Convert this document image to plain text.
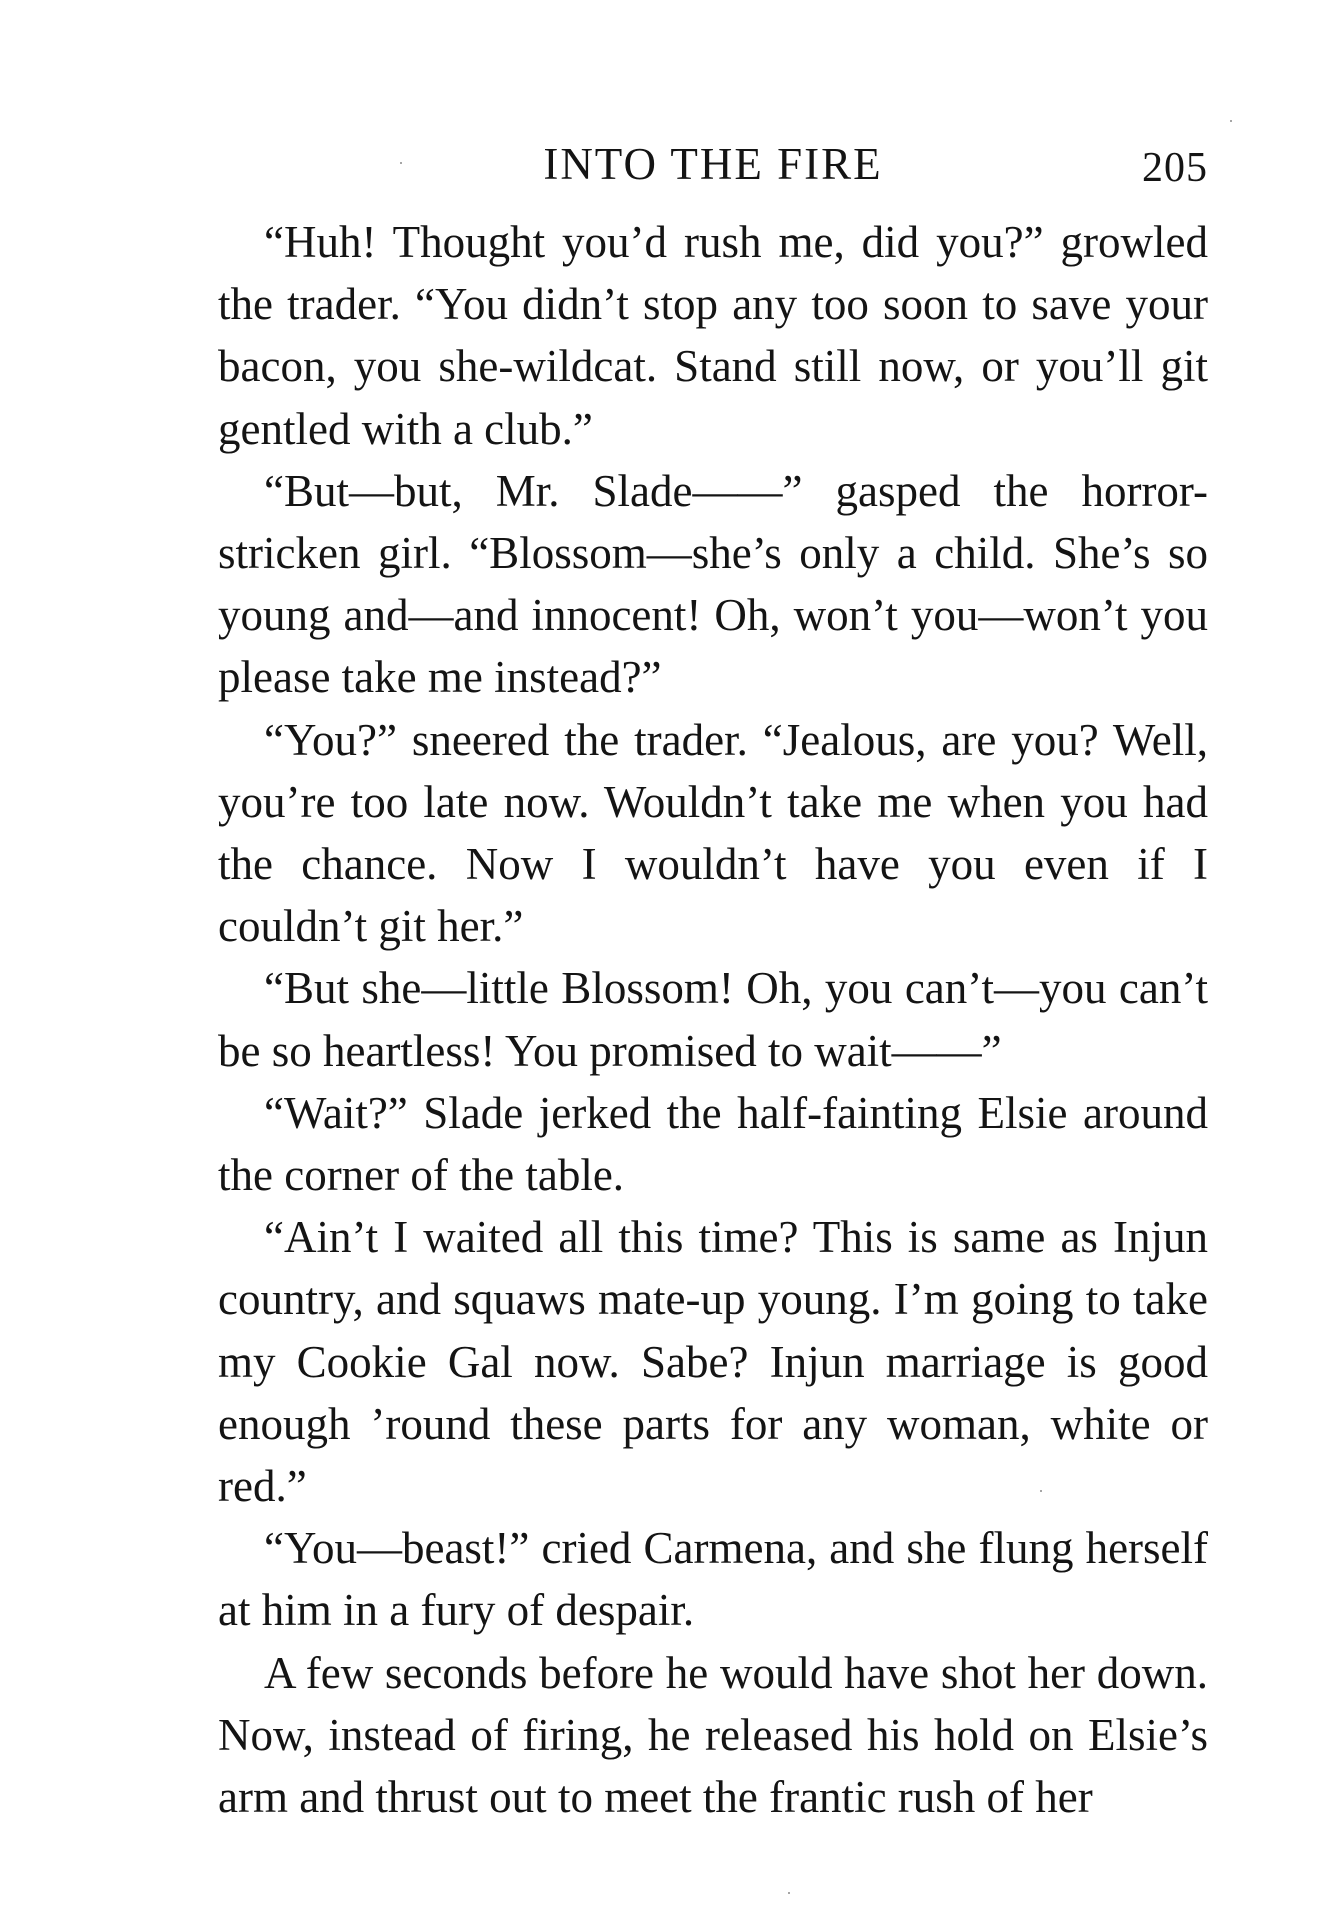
INTO THE FIRE	205

“Huh! Thought you’d rush me, did you?” growled the trader. “You didn’t stop any too soon to save your bacon, you she-wildcat. Stand still now, or you’ll git gentled with a club.”

“But—but, Mr. Slade——” gasped the horror-stricken girl. “Blossom—she’s only a child. She’s so young and—and innocent! Oh, won’t you—won’t you please take me instead?”

“You?” sneered the trader. “Jealous, are you? Well, you’re too late now. Wouldn’t take me when you had the chance. Now I wouldn’t have you even if I couldn’t git her.”

“But she—little Blossom! Oh, you can’t—you can’t be so heartless! You promised to wait——”

“Wait?” Slade jerked the half-fainting Elsie around the corner of the table.

“Ain’t I waited all this time? This is same as Injun country, and squaws mate-up young. I’m going to take my Cookie Gal now. Sabe? Injun marriage is good enough ’round these parts for any woman, white or red.”

“You—beast!” cried Carmena, and she flung herself at him in a fury of despair.

A few seconds before he would have shot her down. Now, instead of firing, he released his hold on Elsie’s arm and thrust out to meet the frantic rush of her
